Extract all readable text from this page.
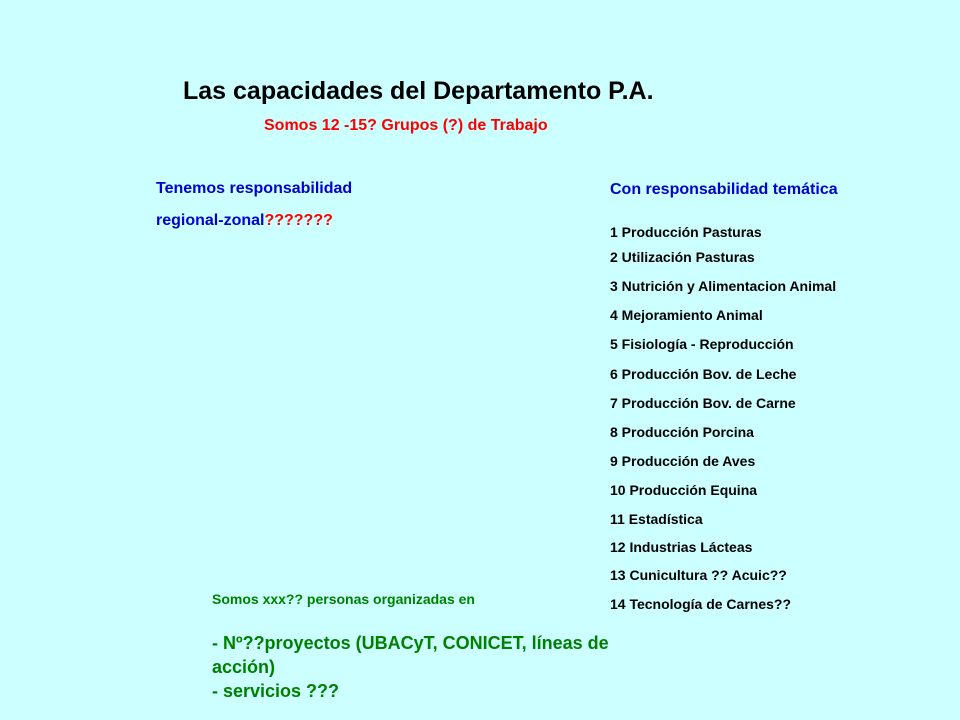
Las capacidades del Departamento P.A.
Somos 12 -15? Grupos (?) de Trabajo
Tenemos responsabilidad
regional-zonal???????
Con responsabilidad temática
1 Producción Pasturas
2 Utilización Pasturas
3 Nutrición y Alimentacion Animal
4 Mejoramiento Animal
5 Fisiología - Reproducción
6 Producción Bov. de Leche
7 Producción Bov. de Carne
8 Producción Porcina
9 Producción de Aves
10 Producción Equina
11 Estadística
12 Industrias Lácteas
13 Cunicultura ?? Acuic??
14 Tecnología de Carnes??
Somos xxx?? personas organizadas en
- Nº??proyectos (UBACyT, CONICET, líneas de acción)
- servicios ???
